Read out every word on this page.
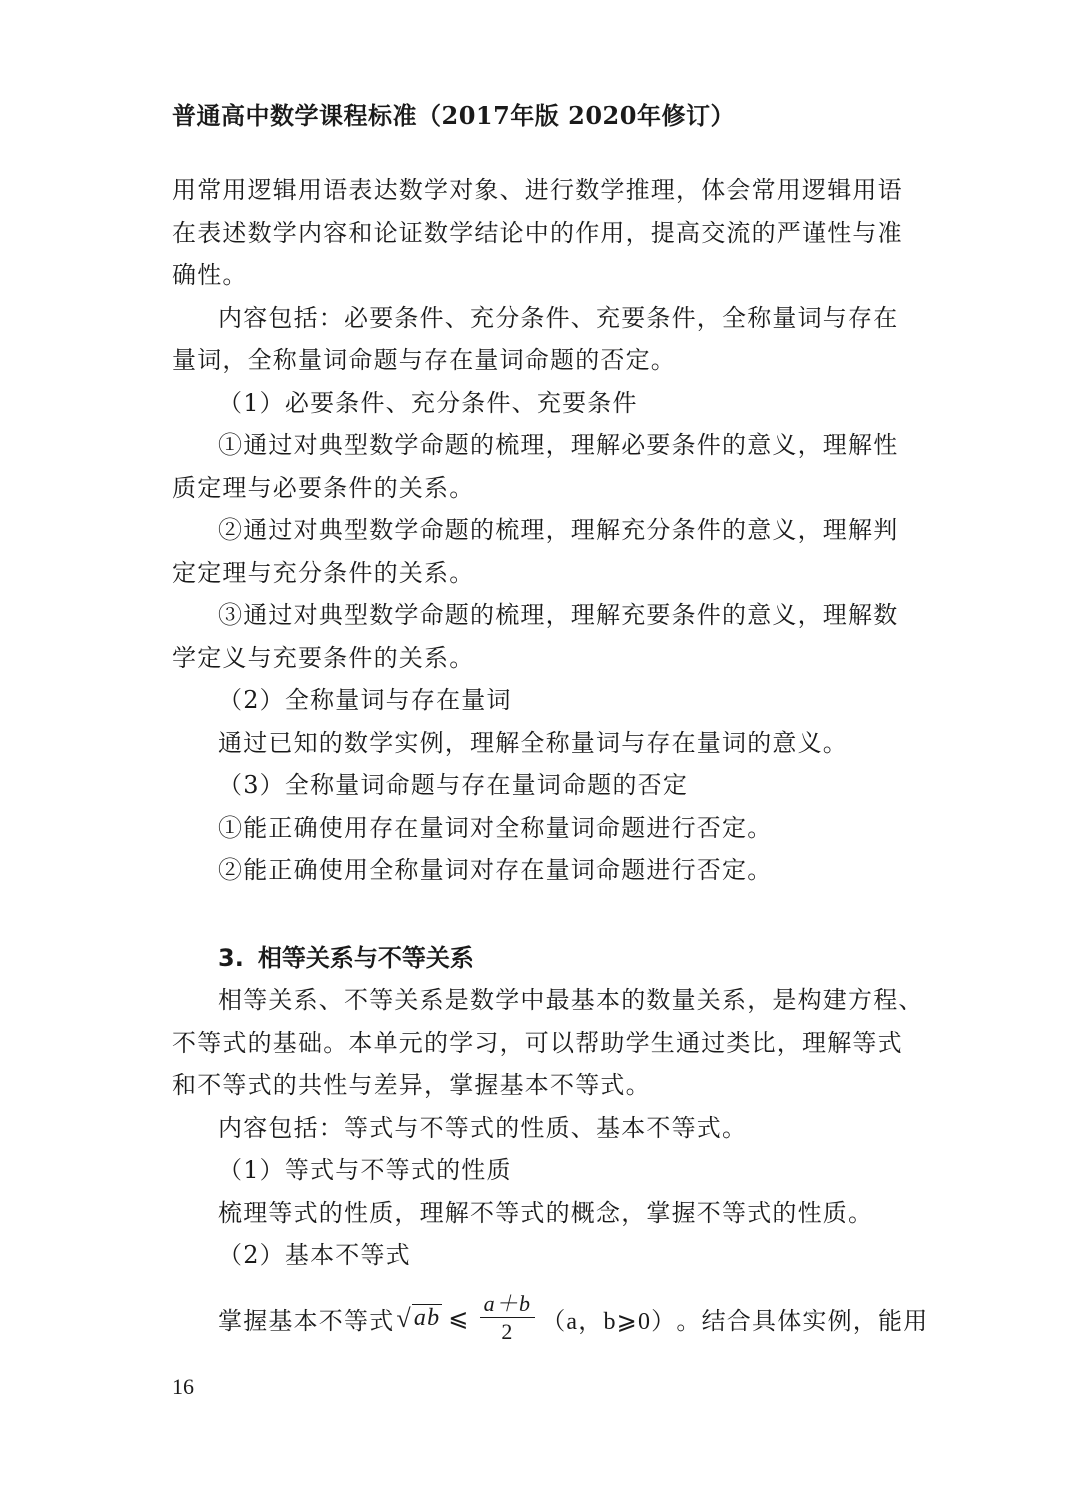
普通高中数学课程标准（2017年版 2020年修订）
用常用逻辑用语表达数学对象、进行数学推理，体会常用逻辑用语
在表述数学内容和论证数学结论中的作用，提高交流的严谨性与准
确性。
内容包括：必要条件、充分条件、充要条件，全称量词与存在
量词，全称量词命题与存在量词命题的否定。
（1）必要条件、充分条件、充要条件
①通过对典型数学命题的梳理，理解必要条件的意义，理解性
质定理与必要条件的关系。
②通过对典型数学命题的梳理，理解充分条件的意义，理解判
定定理与充分条件的关系。
③通过对典型数学命题的梳理，理解充要条件的意义，理解数
学定义与充要条件的关系。
（2）全称量词与存在量词
通过已知的数学实例，理解全称量词与存在量词的意义。
（3）全称量词命题与存在量词命题的否定
①能正确使用存在量词对全称量词命题进行否定。
②能正确使用全称量词对存在量词命题进行否定。
3. 相等关系与不等关系
相等关系、不等关系是数学中最基本的数量关系，是构建方程、
不等式的基础。本单元的学习，可以帮助学生通过类比，理解等式
和不等式的共性与差异，掌握基本不等式。
内容包括：等式与不等式的性质、基本不等式。
（1）等式与不等式的性质
梳理等式的性质，理解不等式的概念，掌握不等式的性质。
（2）基本不等式
掌握基本不等式 √ ab ⩽ $\frac{a+b}{2} (a$，b⩾0） 。结合具体实例，能用
16
